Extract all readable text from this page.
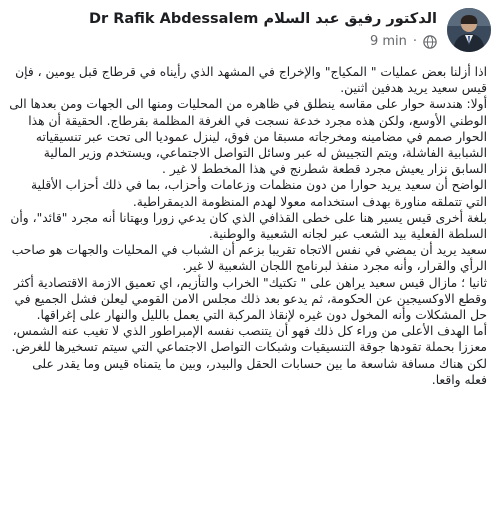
Dr Rafik Abdessalem الدكتور رفيق عبد السلام
9 min ·

اذا أزلنا بعض عمليات " المكياج" والإخراج في المشهد الذي رأيناه في قرطاج قبل يومين ، فإن قيس سعيد يريد هدفين اثنين.

أولا: هندسة حوار على مقاسه ينطلق في ظاهره من المحليات ومنها الى الجهات ومن بعدها الى الوطني الأوسع، ولكن هذه مجرد خدعة نسجت في الغرفة المظلمة بقرطاج. الحقيقة أن هذا الحوار صمم في مضامينه ومخرجاته مسبقا من فوق، لينزل عموديا الى تحت عبر تنسيقياته الشبابية الفاشلة، ويتم التجييش له عبر وسائل التواصل الاجتماعي، ويستخدم وزير المالية السابق نزار يعيش مجرد قطعة شطرنج في هذا المخطط لا غير .

الواضح أن سعيد يريد حوارا من دون منظمات وزعامات وأحزاب، بما في ذلك أحزاب الأقلية التي تتملقه مناورة بهدف استخدامه معولا لهدم المنظومة الديمقراطية.

بلغة أخرى قيس يسير هنا على خطى القذافي الذي كان يدعي زورا وبهتانا أنه مجرد "قائد"، وأن السلطة الفعلية بيد الشعب عبر لجانه الشعبية والوطنية.

سعيد يريد أن يمضي في نفس الاتجاه تقريبا بزعم أن الشباب في المحليات والجهات هو صاحب الرأي والقرار، وأنه مجرد منفذ لبرنامج اللجان الشعبية لا غير.

ثانيا ؛ مازال قيس سعيد يراهن على " تكتيك" الخراب والتأزيم، اي تعميق الازمة الاقتصادية أكثر وقطع الاوكسيجين عن الحكومة، ثم يدعو بعد ذلك مجلس الامن القومي ليعلن فشل الجميع في حل المشكلات وأنه المخول دون غيره لإنقاذ المركبة التي يعمل بالليل والنهار على إغراقها.

أما الهدف الأعلى من وراء كل ذلك فهو أن يتنصب نفسه الإمبراطور الذي لا تغيب عنه الشمس، معززا بحملة تقودها جوقة التنسيقيات وشبكات التواصل الاجتماعي التي سيتم تسخيرها للغرض.

لكن هناك مسافة شاسعة ما بين حسابات الحقل والبيدر، وبين ما يتمناه قيس وما يقدر على فعله واقعا.
